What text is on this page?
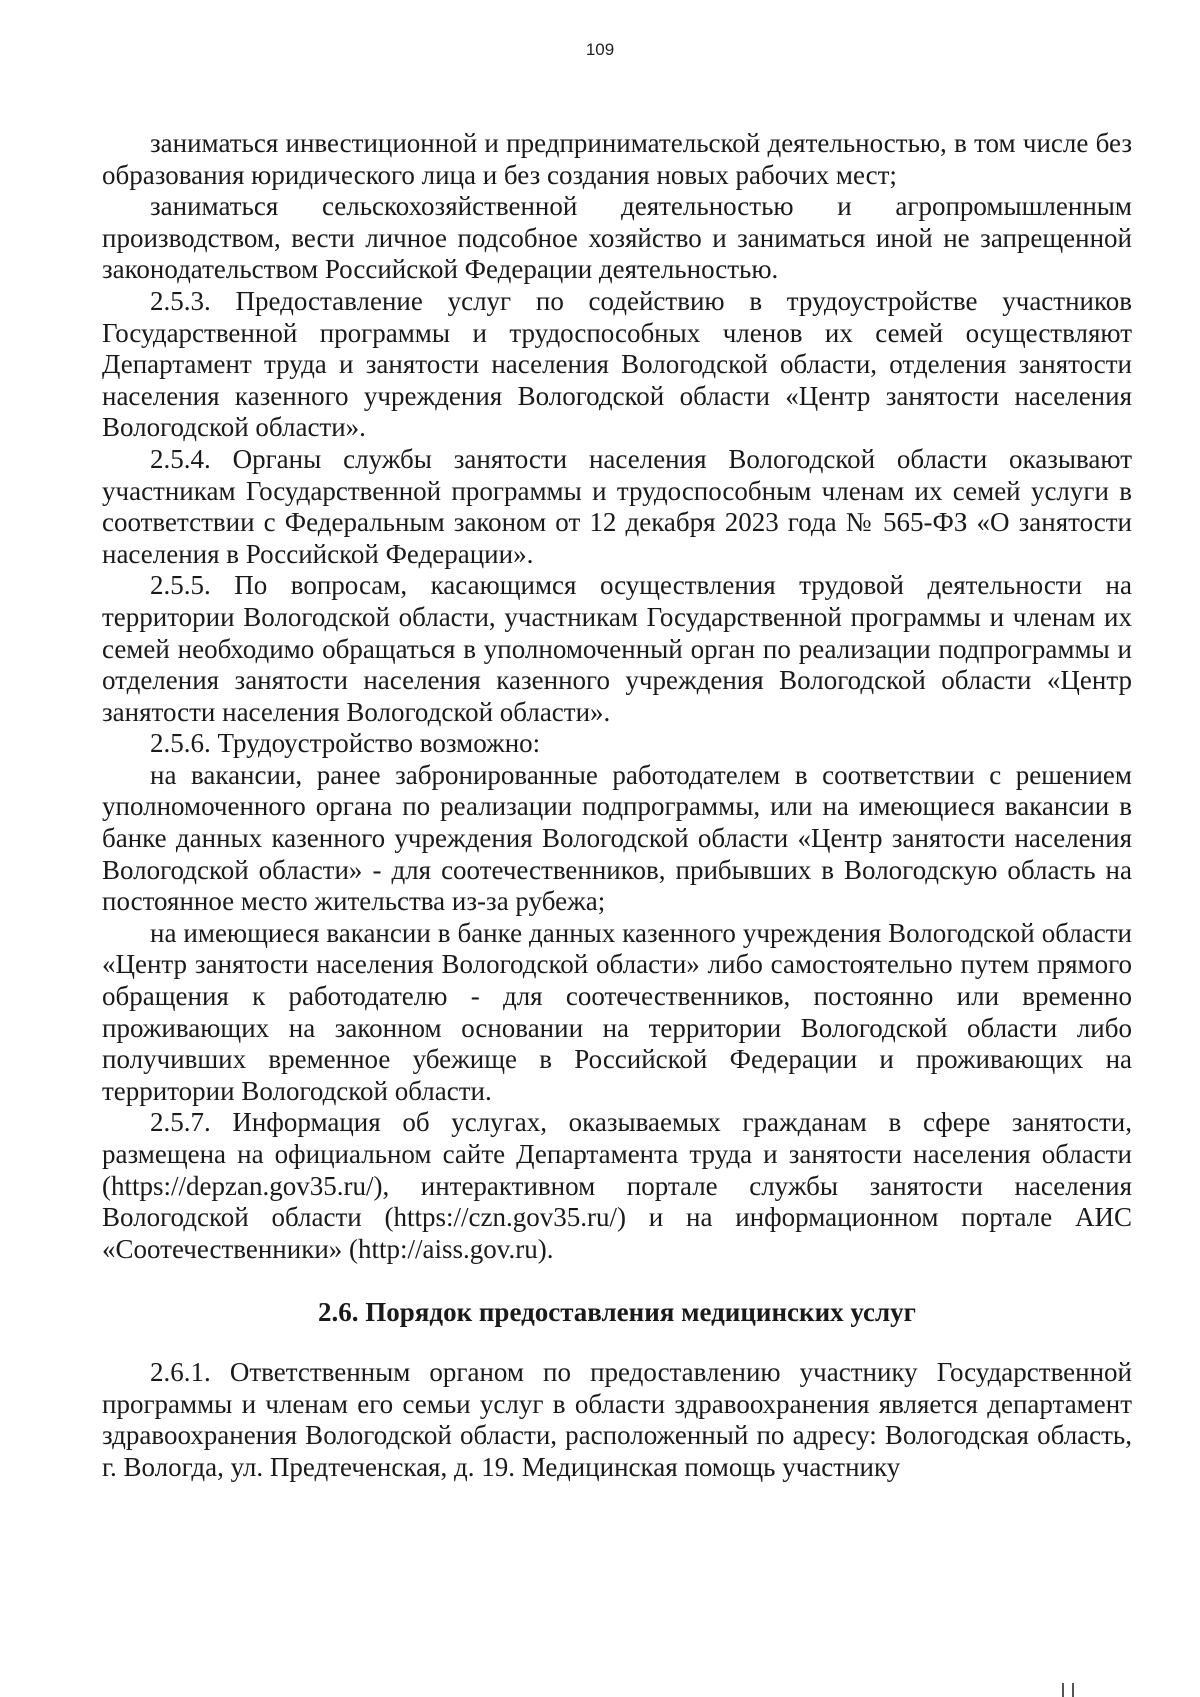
109

заниматься инвестиционной и предпринимательской деятельностью, в том числе без образования юридического лица и без создания новых рабочих мест;

заниматься сельскохозяйственной деятельностью и агропромышленным производством, вести личное подсобное хозяйство и заниматься иной не запрещенной законодательством Российской Федерации деятельностью.

2.5.3. Предоставление услуг по содействию в трудоустройстве участников Государственной программы и трудоспособных членов их семей осуществляют Департамент труда и занятости населения Вологодской области, отделения занятости населения казенного учреждения Вологодской области «Центр занятости населения Вологодской области».

2.5.4. Органы службы занятости населения Вологодской области оказывают участникам Государственной программы и трудоспособным членам их семей услуги в соответствии с Федеральным законом от 12 декабря 2023 года № 565-ФЗ «О занятости населения в Российской Федерации».

2.5.5. По вопросам, касающимся осуществления трудовой деятельности на территории Вологодской области, участникам Государственной программы и членам их семей необходимо обращаться в уполномоченный орган по реализации подпрограммы и отделения занятости населения казенного учреждения Вологодской области «Центр занятости населения Вологодской области».

2.5.6. Трудоустройство возможно:

на вакансии, ранее забронированные работодателем в соответствии с решением уполномоченного органа по реализации подпрограммы, или на имеющиеся вакансии в банке данных казенного учреждения Вологодской области «Центр занятости населения Вологодской области» - для соотечественников, прибывших в Вологодскую область на постоянное место жительства из-за рубежа;

на имеющиеся вакансии в банке данных казенного учреждения Вологодской области «Центр занятости населения Вологодской области» либо самостоятельно путем прямого обращения к работодателю - для соотечественников, постоянно или временно проживающих на законном основании на территории Вологодской области либо получивших временное убежище в Российской Федерации и проживающих на территории Вологодской области.

2.5.7. Информация об услугах, оказываемых гражданам в сфере занятости, размещена на официальном сайте Департамента труда и занятости населения области (https://depzan.gov35.ru/), интерактивном портале службы занятости населения Вологодской области (https://czn.gov35.ru/) и на информационном портале АИС «Соотечественники» (http://aiss.gov.ru).

2.6. Порядок предоставления медицинских услуг

2.6.1. Ответственным органом по предоставлению участнику Государственной программы и членам его семьи услуг в области здравоохранения является департамент здравоохранения Вологодской области, расположенный по адресу: Вологодская область, г. Вологда, ул. Предтеченская, д. 19. Медицинская помощь участнику
